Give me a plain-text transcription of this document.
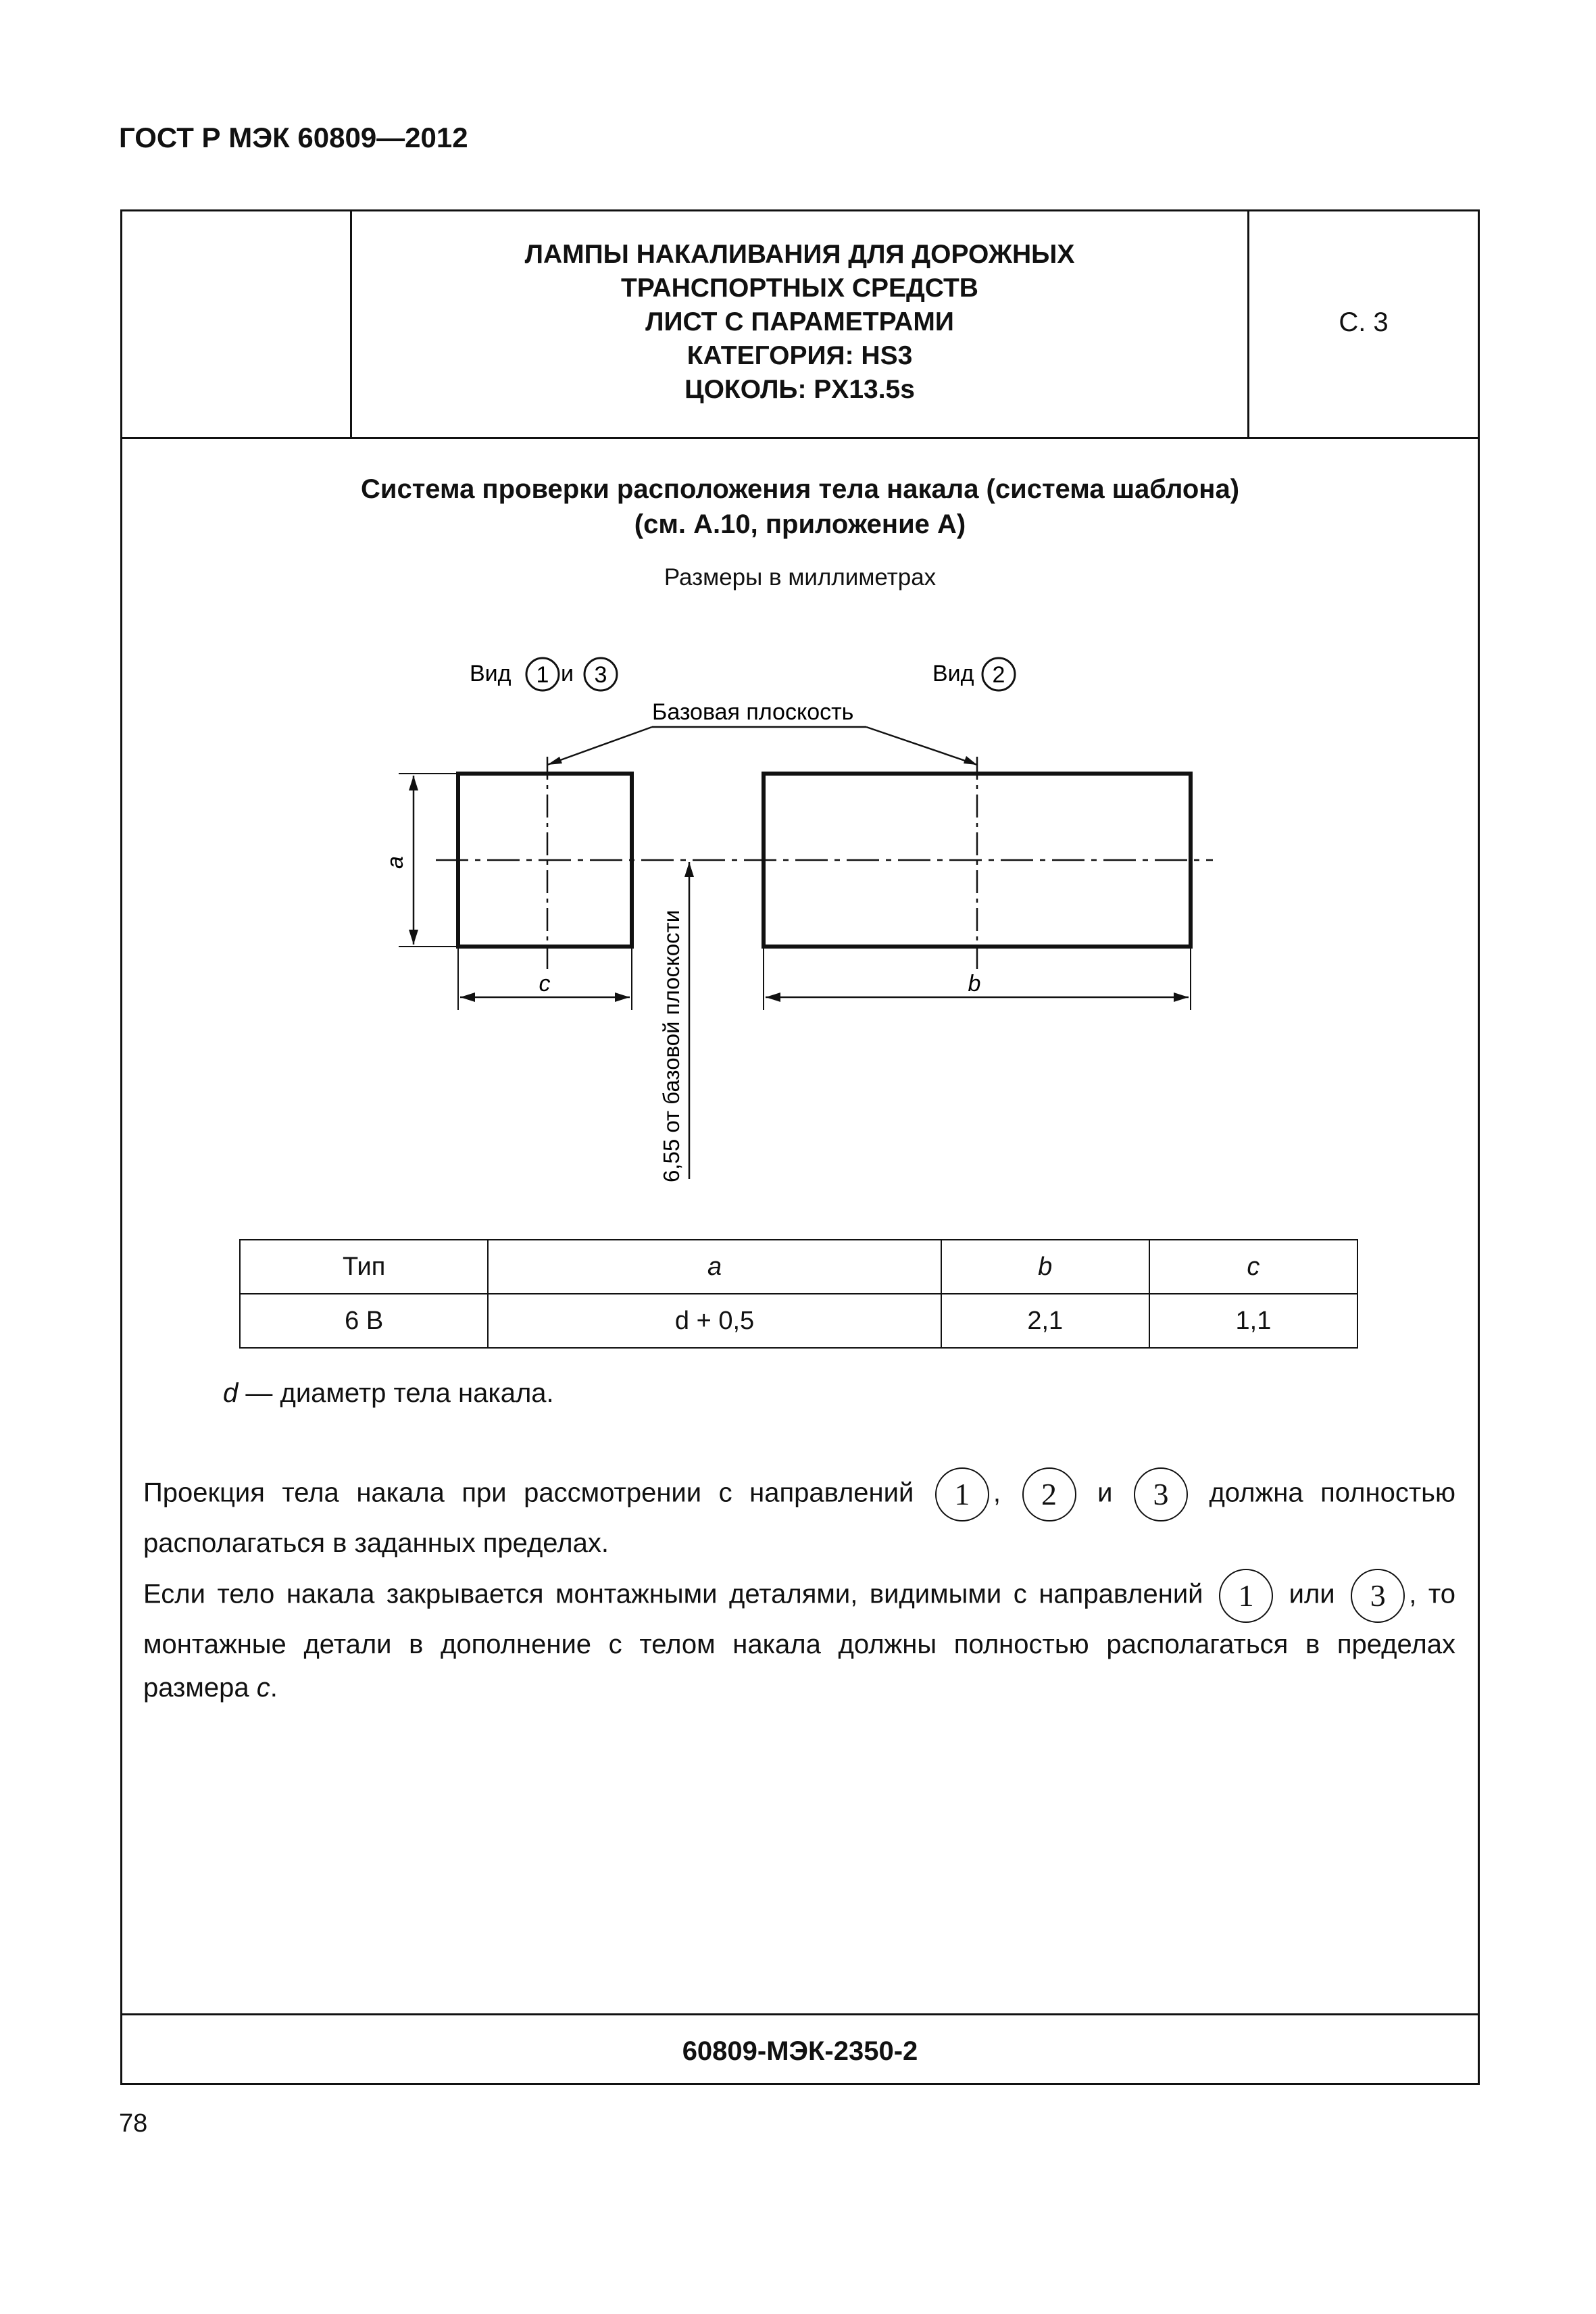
ГОСТ Р МЭК 60809—2012
ЛАМПЫ НАКАЛИВАНИЯ ДЛЯ ДОРОЖНЫХ
ТРАНСПОРТНЫХ СРЕДСТВ
ЛИСТ С ПАРАМЕТРАМИ
КАТЕГОРИЯ: HS3
ЦОКОЛЬ: PX13.5s
С. 3
Система проверки расположения тела накала (система шаблона)
(см. А.10, приложение А)
Размеры в миллиметрах
Вид 1 и 3	Вид 2
Базовая плоскость
a
c	b
6,55 от базовой плоскости
Тип	a	b	c
6 В	d + 0,5	2,1	1,1
d — диаметр тела накала.
Проекция тела накала при рассмотрении с направлений 1 , 2 и 3 должна полностью располагаться в заданных пределах.
Если тело накала закрывается монтажными деталями, видимыми с направлений 1 или 3 , то монтажные детали в дополнение с телом накала должны полностью располагаться в пределах размера c.
60809-МЭК-2350-2
78
